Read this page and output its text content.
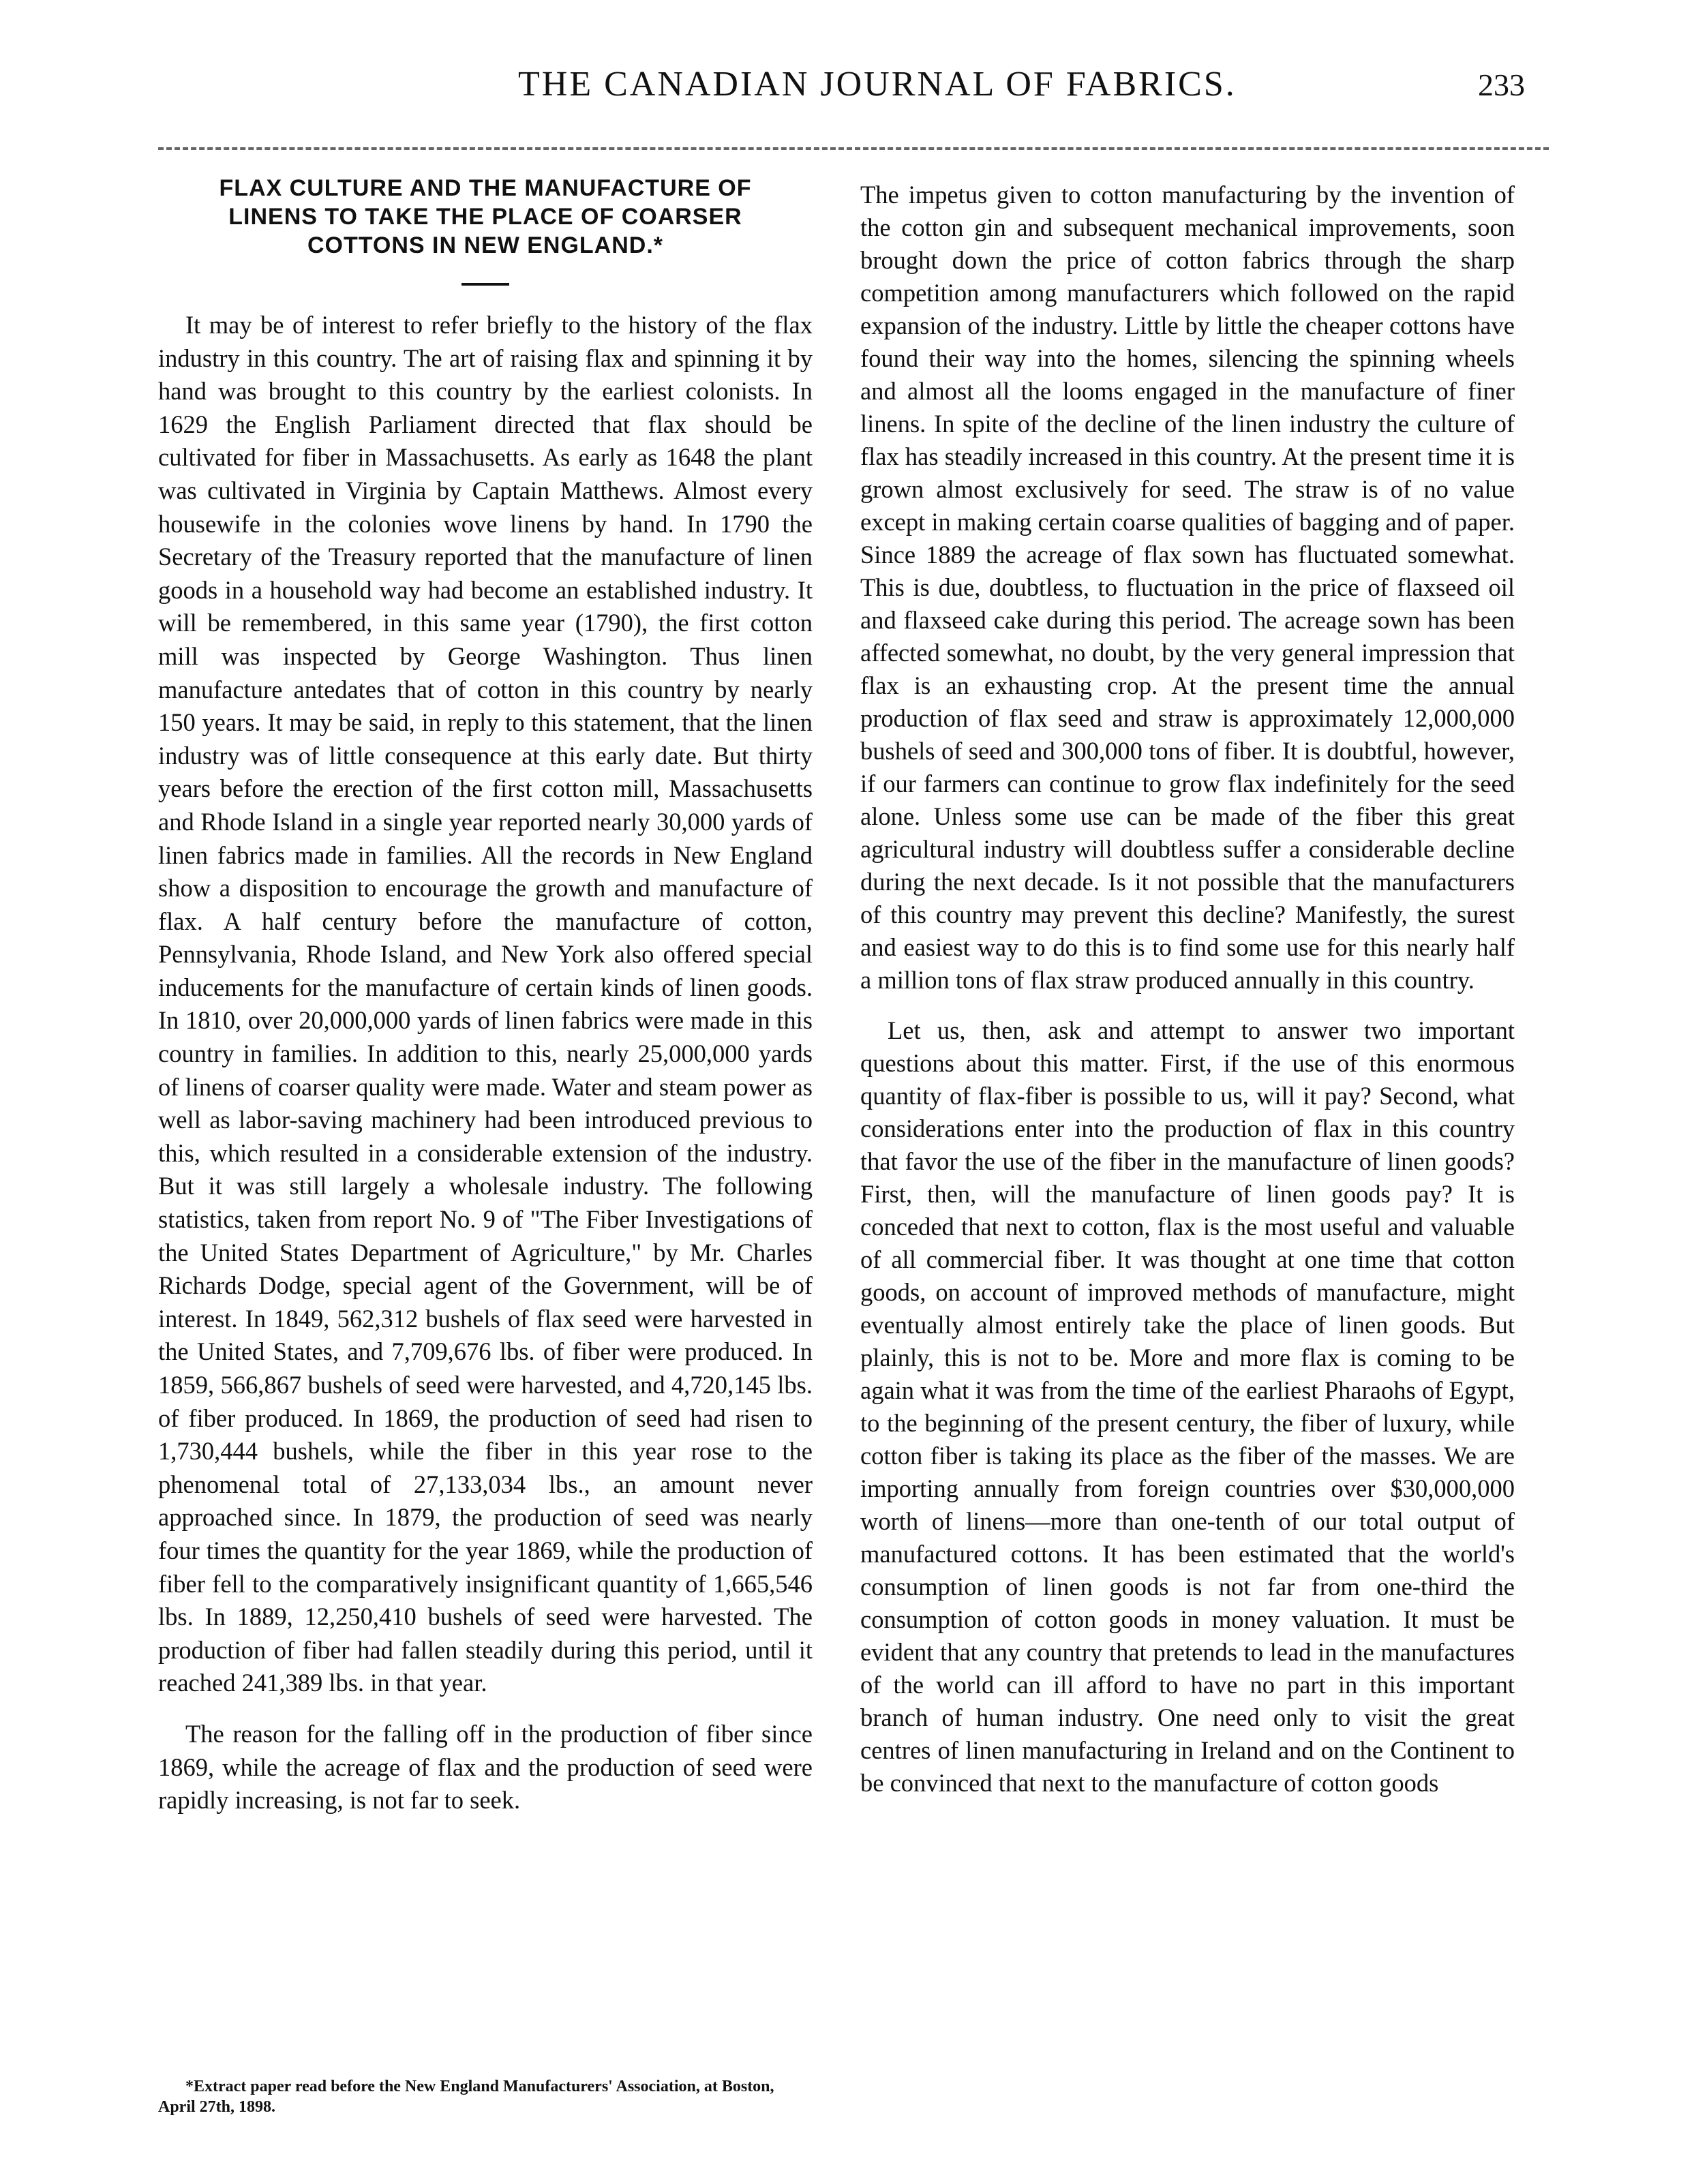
THE CANADIAN JOURNAL OF FABRICS.	233
FLAX CULTURE AND THE MANUFACTURE OF LINENS TO TAKE THE PLACE OF COARSER COTTONS IN NEW ENGLAND.*

It may be of interest to refer briefly to the history of the flax industry in this country. The art of raising flax and spinning it by hand was brought to this country by the earliest colonists. In 1629 the English Parliament directed that flax should be cultivated for fiber in Massachusetts. As early as 1648 the plant was cultivated in Virginia by Captain Matthews. Almost every housewife in the colonies wove linens by hand. In 1790 the Secretary of the Treasury reported that the manufacture of linen goods in a household way had become an established industry. It will be remembered, in this same year (1790), the first cotton mill was inspected by George Washington. Thus linen manufacture antedates that of cotton in this country by nearly 150 years. It may be said, in reply to this statement, that the linen industry was of little consequence at this early date. But thirty years before the erection of the first cotton mill, Massachusetts and Rhode Island in a single year reported nearly 30,000 yards of linen fabrics made in families. All the records in New England show a disposition to encourage the growth and manufacture of flax. A half century before the manufacture of cotton, Pennsylvania, Rhode Island, and New York also offered special inducements for the manufacture of certain kinds of linen goods. In 1810, over 20,000,000 yards of linen fabrics were made in this country in families. In addition to this, nearly 25,000,000 yards of linens of coarser quality were made. Water and steam power as well as labor-saving machinery had been introduced previous to this, which resulted in a considerable extension of the industry. But it was still largely a wholesale industry. The following statistics, taken from report No. 9 of "The Fiber Investigations of the United States Department of Agriculture," by Mr. Charles Richards Dodge, special agent of the Government, will be of interest. In 1849, 562,312 bushels of flax seed were harvested in the United States, and 7,709,676 lbs. of fiber were produced. In 1859, 566,867 bushels of seed were harvested, and 4,720,145 lbs. of fiber produced. In 1869, the production of seed had risen to 1,730,444 bushels, while the fiber in this year rose to the phenomenal total of 27,133,034 lbs., an amount never approached since. In 1879, the production of seed was nearly four times the quantity for the year 1869, while the production of fiber fell to the comparatively insignificant quantity of 1,665,546 lbs. In 1889, 12,250,410 bushels of seed were harvested. The production of fiber had fallen steadily during this period, until it reached 241,389 lbs. in that year.

The reason for the falling off in the production of fiber since 1869, while the acreage of flax and the production of seed were rapidly increasing, is not far to seek.

The impetus given to cotton manufacturing by the invention of the cotton gin and subsequent mechanical improvements, soon brought down the price of cotton fabrics through the sharp competition among manufacturers which followed on the rapid expansion of the industry. Little by little the cheaper cottons have found their way into the homes, silencing the spinning wheels and almost all the looms engaged in the manufacture of finer linens. In spite of the decline of the linen industry the culture of flax has steadily increased in this country. At the present time it is grown almost exclusively for seed. The straw is of no value except in making certain coarse qualities of bagging and of paper. Since 1889 the acreage of flax sown has fluctuated somewhat. This is due, doubtless, to fluctuation in the price of flaxseed oil and flaxseed cake during this period. The acreage sown has been affected somewhat, no doubt, by the very general impression that flax is an exhausting crop. At the present time the annual production of flax seed and straw is approximately 12,000,000 bushels of seed and 300,000 tons of fiber. It is doubtful, however, if our farmers can continue to grow flax indefinitely for the seed alone. Unless some use can be made of the fiber this great agricultural industry will doubtless suffer a considerable decline during the next decade. Is it not possible that the manufacturers of this country may prevent this decline? Manifestly, the surest and easiest way to do this is to find some use for this nearly half a million tons of flax straw produced annually in this country.

Let us, then, ask and attempt to answer two important questions about this matter. First, if the use of this enormous quantity of flax-fiber is possible to us, will it pay? Second, what considerations enter into the production of flax in this country that favor the use of the fiber in the manufacture of linen goods? First, then, will the manufacture of linen goods pay? It is conceded that next to cotton, flax is the most useful and valuable of all commercial fiber. It was thought at one time that cotton goods, on account of improved methods of manufacture, might eventually almost entirely take the place of linen goods. But plainly, this is not to be. More and more flax is coming to be again what it was from the time of the earliest Pharaohs of Egypt, to the beginning of the present century, the fiber of luxury, while cotton fiber is taking its place as the fiber of the masses. We are importing annually from foreign countries over $30,000,000 worth of linens—more than one-tenth of our total output of manufactured cottons. It has been estimated that the world's consumption of linen goods is not far from one-third the consumption of cotton goods in money valuation. It must be evident that any country that pretends to lead in the manufactures of the world can ill afford to have no part in this important branch of human industry. One need only to visit the great centres of linen manufacturing in Ireland and on the Continent to be convinced that next to the manufacture of cotton goods

*Extract paper read before the New England Manufacturers' Association, at Boston, April 27th, 1898.
